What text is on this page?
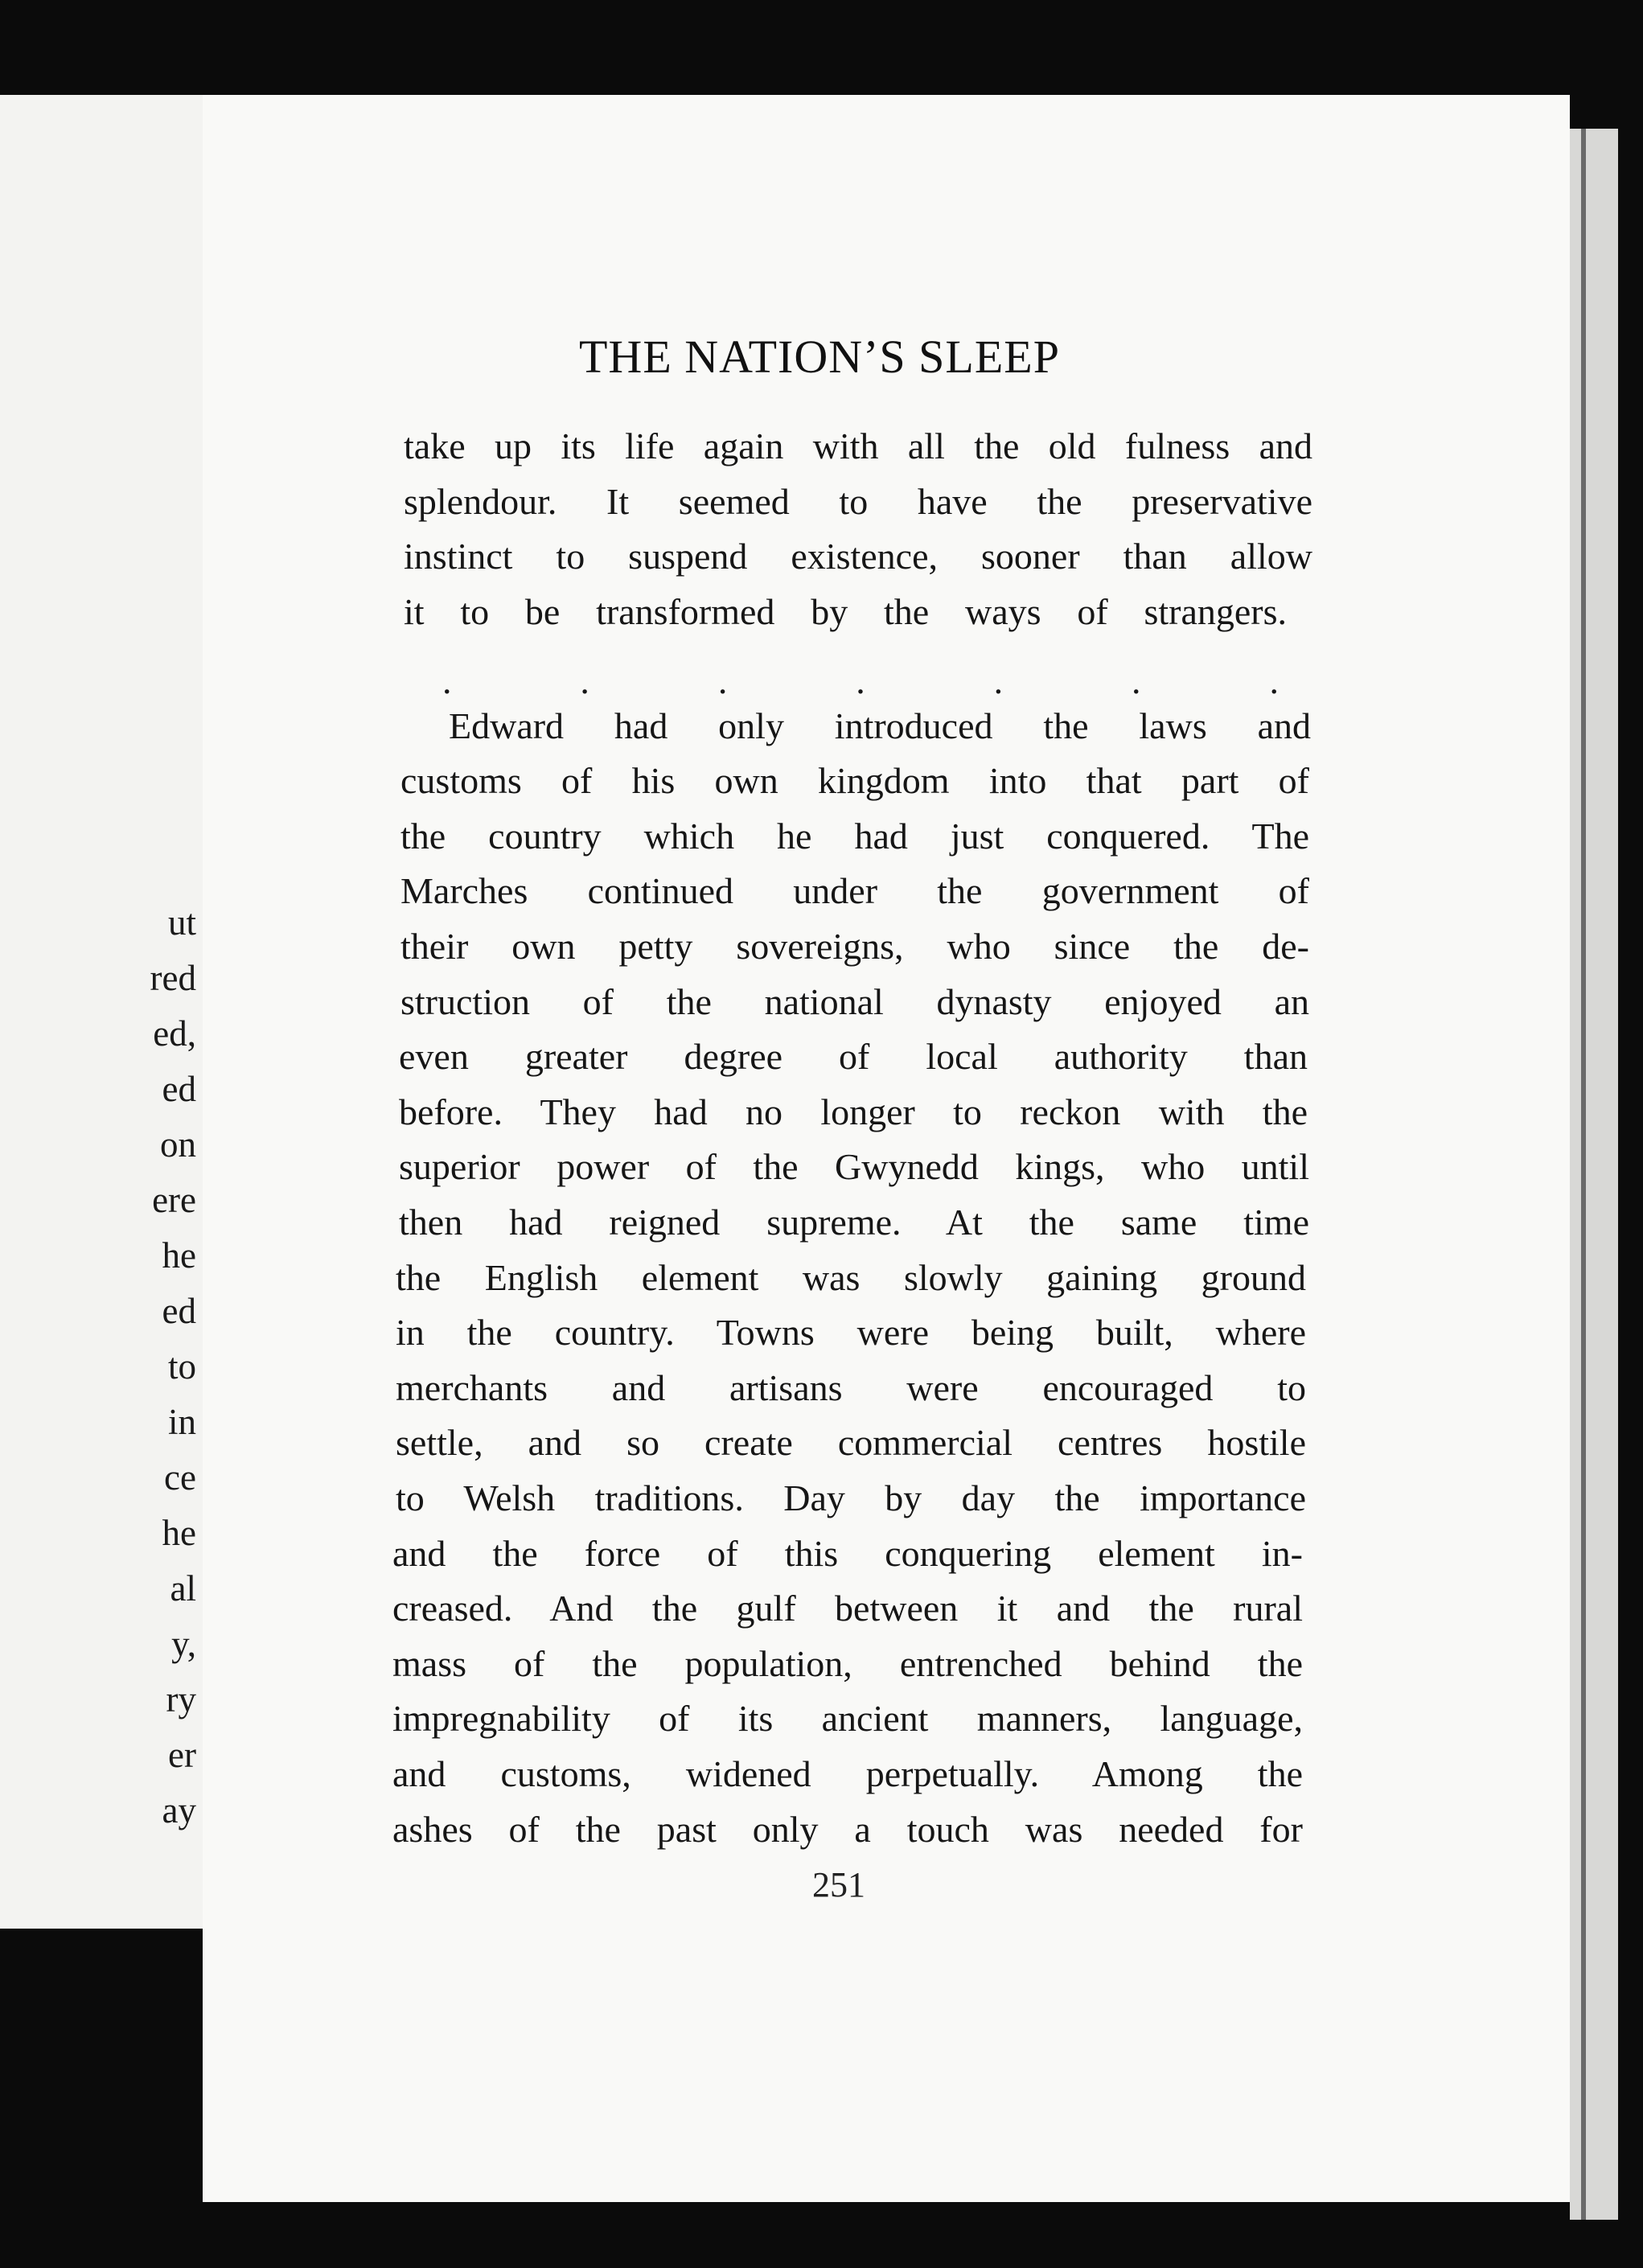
ut
red
ed,
ed
on
ere
he
ed
to
in
ce
he
al
y,
ry
er
ay
THE NATION’S SLEEP
take up its life again with all the old fulness and
splendour. It seemed to have the preservative
instinct to suspend existence, sooner than allow
it to be transformed by the ways of strangers.
Edward had only introduced the laws and
customs of his own kingdom into that part of
the country which he had just conquered. The
Marches continued under the government of
their own petty sovereigns, who since the de-
struction of the national dynasty enjoyed an
even greater degree of local authority than
before. They had no longer to reckon with the
superior power of the Gwynedd kings, who until
then had reigned supreme. At the same time
the English element was slowly gaining ground
in the country. Towns were being built, where
merchants and artisans were encouraged to
settle, and so create commercial centres hostile
to Welsh traditions. Day by day the importance
and the force of this conquering element in-
creased. And the gulf between it and the rural
mass of the population, entrenched behind the
impregnability of its ancient manners, language,
and customs, widened perpetually. Among the
ashes of the past only a touch was needed for
.	.	.	.	.	.	.
251
